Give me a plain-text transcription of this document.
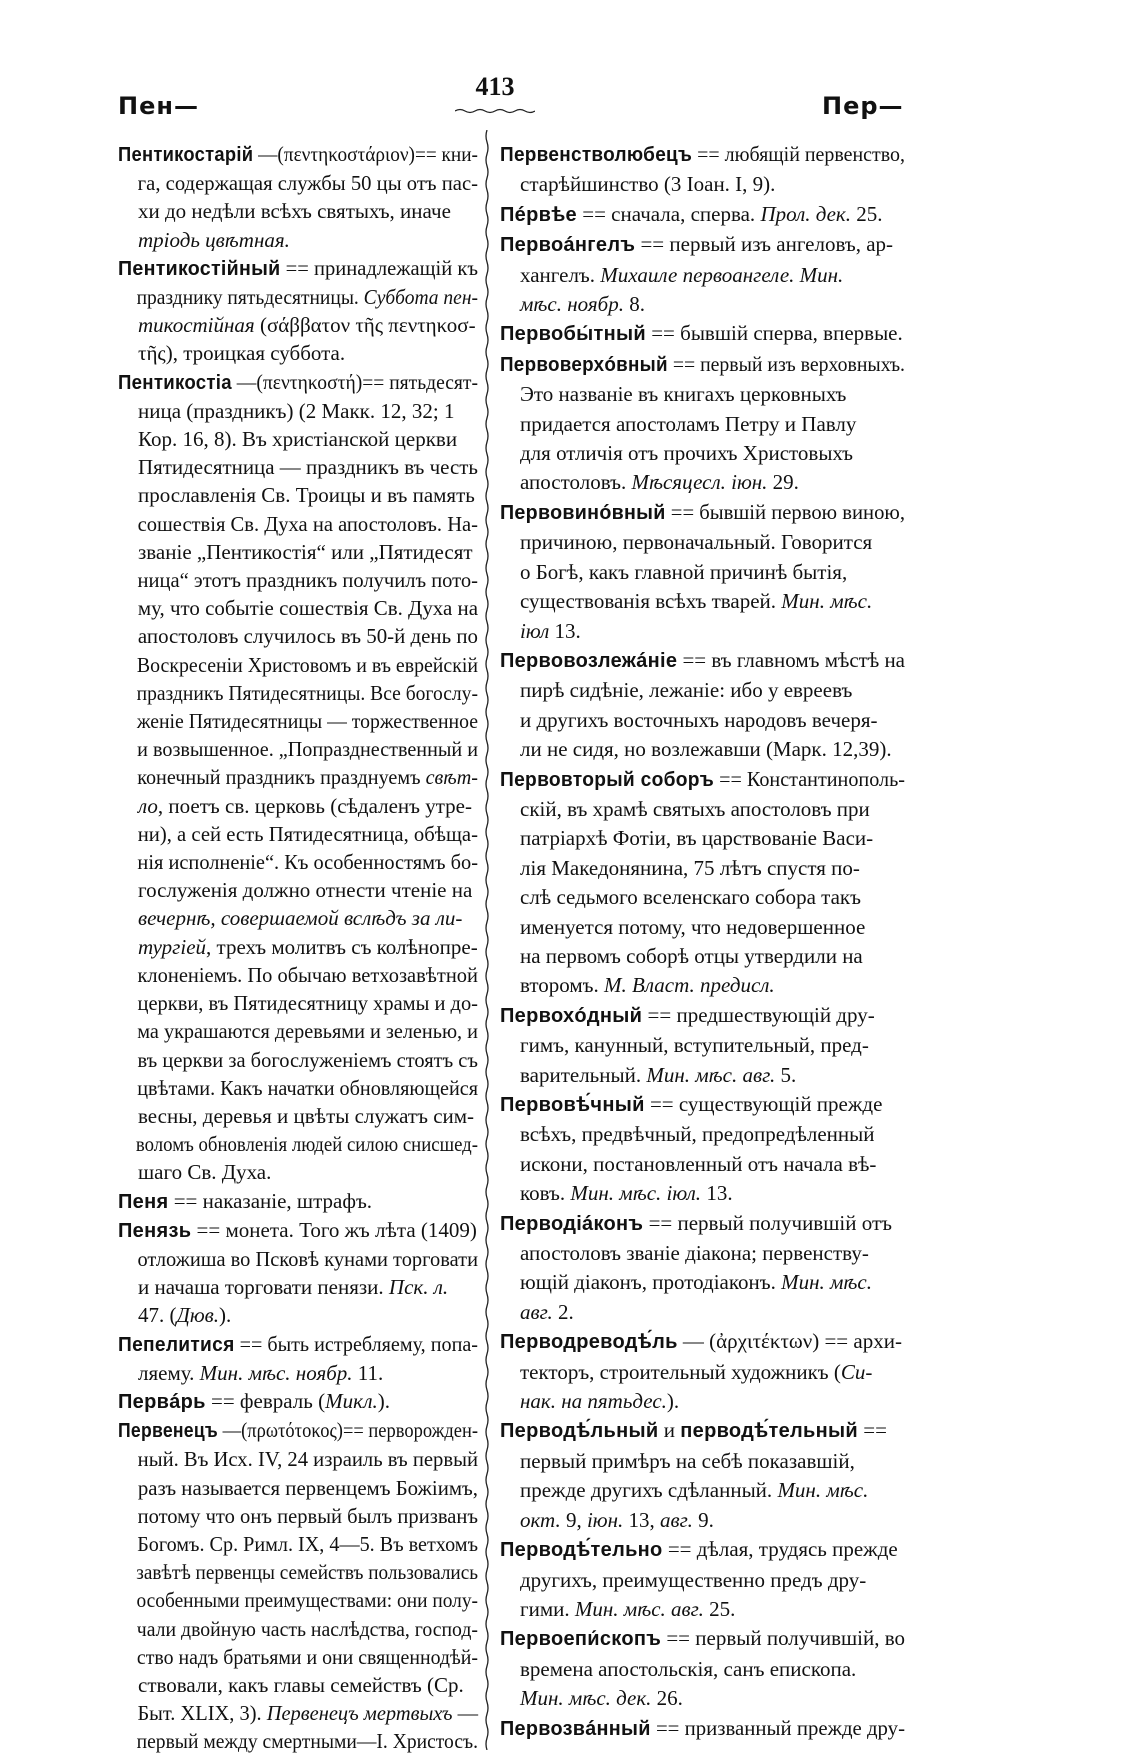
Пен—
413
Пер—
Пентикостарій —(πεντηκοστάριον)== кни-
га, содержащая службы 50 цы отъ пас-
хи до недѣли всѣхъ святыхъ, иначе
тріодь цвѣтная.
Пентикостійный == принадлежащій къ
празднику пятьдесятницы. Суббота пен-
тикостійная (σάββατον τῆς πεντηκοσ-
τῆς), троицкая суббота.
Пентикостіа —(πεντηκοστή)== пятьдесят-
ница (праздникъ) (2 Макк. 12, 32; 1
Кор. 16, 8). Въ христіанской церкви
Пятидесятница — праздникъ въ честь
прославленія Св. Троицы и въ память
сошествія Св. Духа на апостоловъ. На-
званіе „Пентикостія“ или „Пятидесят
ница“ этотъ праздникъ получилъ пото-
му, что событіе сошествія Св. Духа на
апостоловъ случилось въ 50-й день по
Воскресеніи Христовомъ и въ еврейскій
праздникъ Пятидесятницы. Все богослу-
женіе Пятидесятницы — торжественное
и возвышенное. „Попразднественный и
конечный праздникъ празднуемъ свѣт-
ло, поетъ св. церковь (сѣдаленъ утре-
ни), а сей есть Пятидесятница, обѣща-
нія исполненіе“. Къ особенностямъ бо-
гослуженія должно отнести чтеніе на
вечернѣ, совершаемой вслѣдъ за ли-
тургіей, трехъ молитвъ съ колѣнопре-
клоненіемъ. По обычаю ветхозавѣтной
церкви, въ Пятидесятницу храмы и до-
ма украшаются деревьями и зеленью, и
въ церкви за богослуженіемъ стоятъ съ
цвѣтами. Какъ начатки обновляющейся
весны, деревья и цвѣты служатъ сим-
воломъ обновленія людей силою снисшед-
шаго Св. Духа.
Пеня == наказаніе, штрафъ.
Пенязь == монета. Того жъ лѣта (1409)
отложиша во Псковѣ кунами торговати
и начаша торговати пенязи. Пск. л.
47. (Дюв.).
Пепелитися == быть истребляему, попа-
ляему. Мин. мѣс. ноябр. 11.
Первáрь == февраль (Микл.).
Первенецъ —(πρωτότοκος)== перворожден-
ный. Въ Исх. IV, 24 израиль въ первый
разъ называется первенцемъ Божіимъ,
потому что онъ первый былъ призванъ
Богомъ. Ср. Римл. IX, 4—5. Въ ветхомъ
завѣтѣ первенцы семействъ пользовались
особенными преимуществами: они полу-
чали двойную часть наслѣдства, господ-
ство надъ братьями и они священнодѣй-
ствовали, какъ главы семействъ (Ср.
Быт. XLIX, 3). Первенецъ мертвыхъ —
первый между смертными—I. Христосъ.
Первенстволюбецъ == любящій первенство,
старѣйшинство (3 Іоан. I, 9).
Пéрвѣе == сначала, сперва. Прол. дек. 25.
Первоáнгелъ == первый изъ ангеловъ, ар-
хангелъ. Михаиле первоангеле. Мин.
мѣс. ноябр. 8.
Первобы́тный == бывшій сперва, впервые.
Первоверхóвный == первый изъ верховныхъ.
Это названіе въ книгахъ церковныхъ
придается апостоламъ Петру и Павлу
для отличія отъ прочихъ Христовыхъ
апостоловъ. Мѣсяцесл. іюн. 29.
Первовинóвный == бывшій первою виною,
причиною, первоначальный. Говорится
о Богѣ, какъ главной причинѣ бытія,
существованія всѣхъ тварей. Мин. мѣс.
іюл 13.
Первовозлежáніе == въ главномъ мѣстѣ на
пирѣ сидѣніе, лежаніе: ибо у евреевъ
и другихъ восточныхъ народовъ вечеря-
ли не сидя, но возлежавши (Марк. 12,39).
Первовторый соборъ == Константинополь-
скій, въ храмѣ святыхъ апостоловъ при
патріархѣ Фотіи, въ царствованіе Васи-
лія Македонянина, 75 лѣтъ спустя по-
слѣ седьмого вселенскаго собора такъ
именуется потому, что недовершенное
на первомъ соборѣ отцы утвердили на
второмъ. М. Власт. предисл.
Первохóдный == предшествующій дру-
гимъ, канунный, вступительный, пред-
варительный. Мин. мѣс. авг. 5.
Первовѣ́чный == существующій прежде
всѣхъ, предвѣчный, предопредѣленный
искони, постановленный отъ начала вѣ-
ковъ. Мин. мѣс. іюл. 13.
Перводіáконъ == первый получившій отъ
апостоловъ званіе діакона; первенству-
ющій діаконъ, протодіаконъ. Мин. мѣс.
авг. 2.
Перводреводѣ́ль — (ἀρχιτέκτων) == архи-
текторъ, строительный художникъ (Си-
нак. на пятьдес.).
Перводѣ́льный и перводѣ́тельный ==
первый примѣръ на себѣ показавшій,
прежде другихъ сдѣланный. Мин. мѣс.
окт. 9, іюн. 13, авг. 9.
Перводѣ́тельно == дѣлая, трудясь прежде
другихъ, преимущественно предъ дру-
гими. Мин. мѣс. авг. 25.
Первоепи́скопъ == первый получившій, во
времена апостольскія, санъ епископа.
Мин. мѣс. дек. 26.
Первозвáнный == призванный прежде дру-
